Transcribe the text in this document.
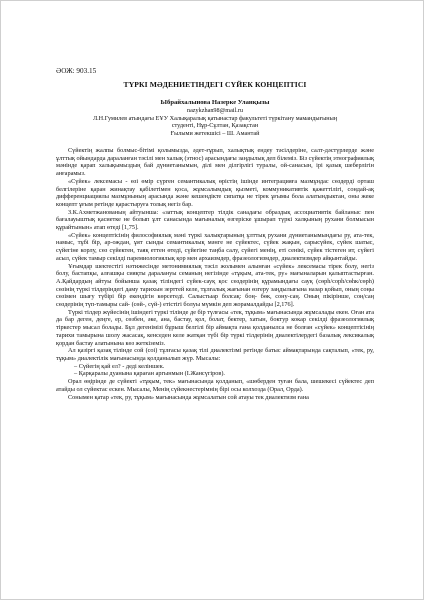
ӘОЖ: 903.15

ТҮРКІ МӘДЕНИЕТІНДЕГІ СҮЙЕК КОНЦЕПТІСІ

Ыбрайхалынова Назерке Уланқызы

nazykzhan98@mail.ru

Л.Н.Гумилев атындағы ЕҰУ Халықаралық қатынастар факультеті түркітану мамандығының

студенті, Нұр-Сұлтан, Қазақстан

Ғылыми жетекшісі – Ш. Амантай

Сүйектің жалпы болмыс-бітімі қолымызда, әдет-ғұрып, халықтық ендеу тәсілдеріне, салт-дәстүрлерде және ұлттық ойындарда дараланған тәсілі мен халық (этнос) арасындағы заңдылық деп білеміз. Біз сүйектің этнографиялық мәнінде қарап халықымыздың бай дүниетанымын, ділі мен ділгірлігі туралы, ой-санасын, ірі қазық шеберлігін анғарамыз.

«Сүйек» лексемасы - өзі өмір сүрген семантикалық өрістің ішінде интеграцияға мазмұндас сөздерді орташ белгілеріне қаран жинақтау қабілетімен қоса, жұмсалымдық қызметі, коммуникативтік қажеттілігі, сондай-ақ дифференциациялы мазмұнының арасында және кешендікте сипатқа не тірек ұғымы бола алатындыктан, оны жеке концепт ұғым ретінде қарастыруға толық негіз бар.

З.К.Ахметжанованың айтуынша: «заттық концептер тілдік санадағы образдық ассоциативтік байланыс пен бағалауыштық қасиетке не болып ұлт санасында мағыналық өзгеріске ұшырап түркі халқының рухани болмысын құрайтынын» атап өтеді [1,75].

«Сүйек» концептісінің философиялық мәні түркі халықтарының ұлттық рухани дүниетанымындағы ру, ата-тек, намыс, тұбі бір, ар-ождан, ұят сынды семантикалық мәнге не сүйектес, сүйек жақын, сарысүйек, сүйек шатыс, сүйегіне корлу, сөз сүйектен, таяқ еттен өтеді, сүйегіне таңба салу, сүйегі менің, еті сенікі, сүйек тістеген ит, сүйегі асыл, сүйек тамыр секілді паремиологиялық қор мен архаизмдер, фразеологизмдер, диалектизмдер айқынтайды.

Ұғымдар шектестігі нәтижесінде метонимиялық тәсіл жолымен алынған «сүйек» лексемасы тірек болу, негіз болу, бастапқы, алғашқы сияқты даралануы семаның негізінде «тұқым, ата-тек, ру» мағыналарын қалыптастырған. А.Қайдардың айтуы бойынша қазақ тіліндегі сүйек-сауқ қос сөздерінің құрамындағы сауқ (сөрһ/сорһ/сөһк/сөрһ) сөзінің түркі тілдеріндегі даму тарихын зерттей келе, тұлғалық жағынан өзгеру заңдылығына назар қойып, оның соңы сөзімен шығу түбірі бір екендігін көрсетеді. Салыстыар болсақ: боң- бөк, сону-саң. Оның пікірінше, соң/саң сөздерінің түп-тамыры сай- (сөй-, сүй-) етістігі болуы мүмкін деп жорамалдайды [2,176].

Түркі тілдер жүйесінің ішіндегі түркі тілінде де бір түлғасы «тек, тұқым» мағынасында жұмсалады екен. Оған ата да бар деген, деңге, ер, сөзбен, әке, ана, бастау, қол, болат, бектер, хатын, боктур кокар секілді фразеологиялық тіркестер мысал болады. Бұл дегенімізі бұрыш белгілі бір аймақта ғана қолданылса не болған «сүйек» концептісінің тарихи тамырына шолу жасасақ, кенседен келе жатқан түбі бір түркі тілдерінің диалектілердегі базалық лексикалық қордан бастау алатынына көз жеткіземіз.

Ал қазіргі қазақ тілінде сой (соі) тұлғасы қазақ тілі диалектізмі ретінде батыс аймақтарында сақталып, «тек, ру, тұқым» диалектілік мағынасында қолданылып жүр. Мысалы:

– Сүйегің қай ел? - деді келіншек.

– Қарқаралы дуанына қараған аргынмын (І.Жансүгіров).

Орал өңірінде де сүйекті «тұқым, тек» мағынасында қолданып, «шөберден туған бала, шешекесі сүйектес деп атайды ол сүйектас ескен. Мысалы, Менің сүйекнестерімнің бірі осы колхозда (Орал, Орда).

Сонымен қатар «тек, ру, тұқым» мағынасында жұмсалатын сой атауы тек диалектизм ғана
